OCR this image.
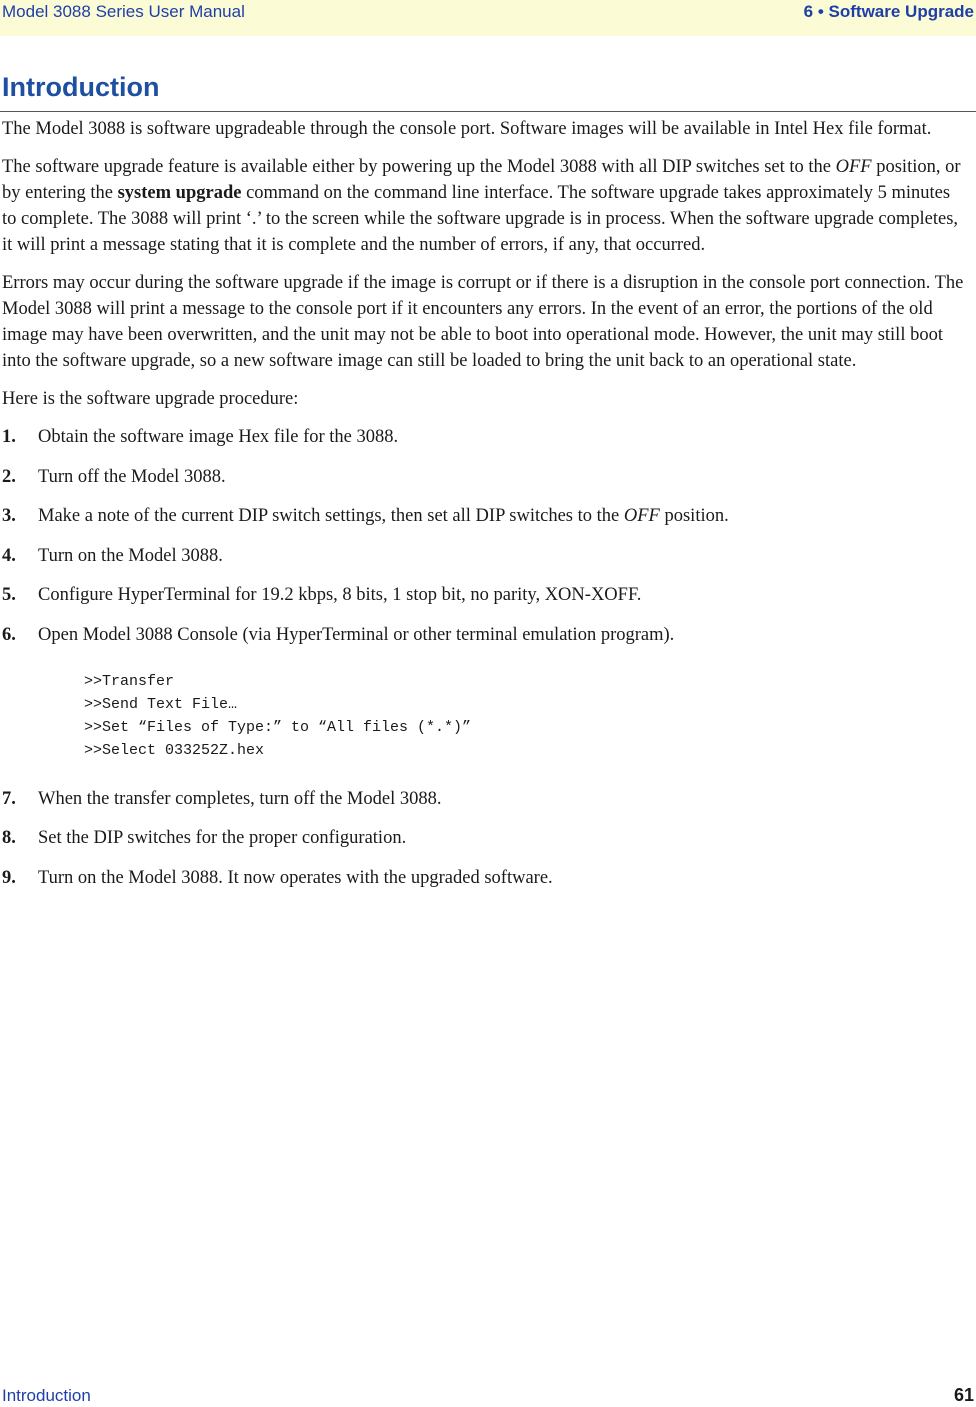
Model 3088 Series User Manual	6 • Software Upgrade
Introduction

The Model 3088 is software upgradeable through the console port. Software images will be available in Intel Hex file format.

The software upgrade feature is available either by powering up the Model 3088 with all DIP switches set to the OFF position, or by entering the system upgrade command on the command line interface. The software upgrade takes approximately 5 minutes to complete. The 3088 will print ‘.’ to the screen while the software upgrade is in process. When the software upgrade completes, it will print a message stating that it is complete and the number of errors, if any, that occurred.

Errors may occur during the software upgrade if the image is corrupt or if there is a disruption in the console port connection. The Model 3088 will print a message to the console port if it encounters any errors. In the event of an error, the portions of the old image may have been overwritten, and the unit may not be able to boot into operational mode. However, the unit may still boot into the software upgrade, so a new software image can still be loaded to bring the unit back to an operational state.

Here is the software upgrade procedure:

1. Obtain the software image Hex file for the 3088.
2. Turn off the Model 3088.
3. Make a note of the current DIP switch settings, then set all DIP switches to the OFF position.
4. Turn on the Model 3088.
5. Configure HyperTerminal for 19.2 kbps, 8 bits, 1 stop bit, no parity, XON-XOFF.
6. Open Model 3088 Console (via HyperTerminal or other terminal emulation program).
>>Transfer
>>Send Text File…
>>Set “Files of Type:” to “All files (*.*)”
>>Select 033252Z.hex
7. When the transfer completes, turn off the Model 3088.
8. Set the DIP switches for the proper configuration.
9. Turn on the Model 3088. It now operates with the upgraded software.
Introduction	61
